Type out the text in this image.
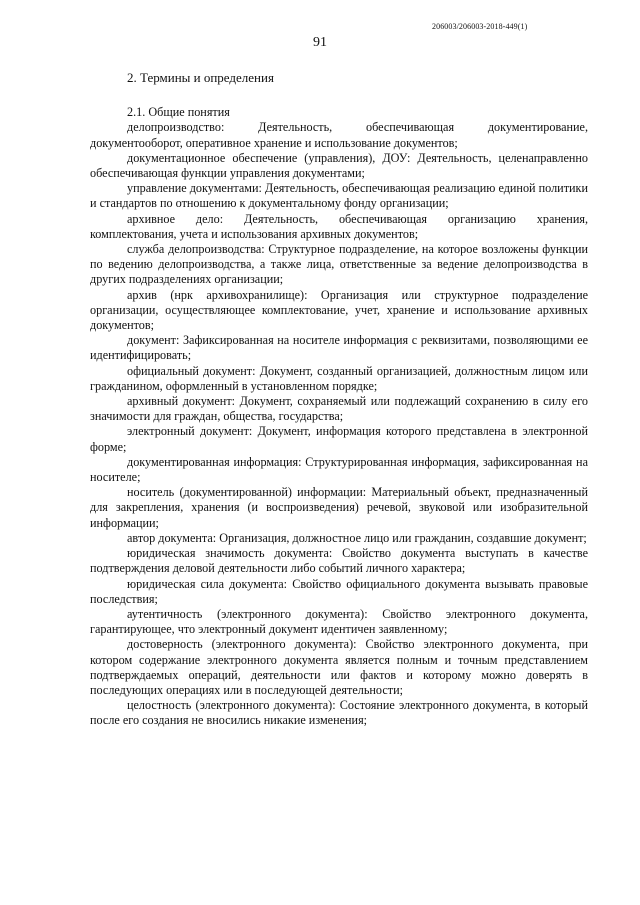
206003/206003-2018-449(1)
91

2. Термины и определения

2.1. Общие понятия

делопроизводство: Деятельность, обеспечивающая документирование, документооборот, оперативное хранение и использование документов;

документационное обеспечение (управления), ДОУ: Деятельность, целенаправленно обеспечивающая функции управления документами;

управление документами: Деятельность, обеспечивающая реализацию единой политики и стандартов по отношению к документальному фонду организации;

архивное дело: Деятельность, обеспечивающая организацию хранения, комплектования, учета и использования архивных документов;

служба делопроизводства: Структурное подразделение, на которое возложены функции по ведению делопроизводства, а также лица, ответственные за ведение делопроизводства в других подразделениях организации;

архив (нрк архивохранилище): Организация или структурное подразделение организации, осуществляющее комплектование, учет, хранение и использование архивных документов;

документ: Зафиксированная на носителе информация с реквизитами, позволяющими ее идентифицировать;

официальный документ: Документ, созданный организацией, должностным лицом или гражданином, оформленный в установленном порядке;

архивный документ: Документ, сохраняемый или подлежащий сохранению в силу его значимости для граждан, общества, государства;

электронный документ: Документ, информация которого представлена в электронной форме;

документированная информация: Структурированная информация, зафиксированная на носителе;

носитель (документированной) информации: Материальный объект, предназначенный для закрепления, хранения (и воспроизведения) речевой, звуковой или изобразительной информации;

автор документа: Организация, должностное лицо или гражданин, создавшие документ;

юридическая значимость документа: Свойство документа выступать в качестве подтверждения деловой деятельности либо событий личного характера;

юридическая сила документа: Свойство официального документа вызывать правовые последствия;

аутентичность (электронного документа): Свойство электронного документа, гарантирующее, что электронный документ идентичен заявленному;

достоверность (электронного документа): Свойство электронного документа, при котором содержание электронного документа является полным и точным представлением подтверждаемых операций, деятельности или фактов и которому можно доверять в последующих операциях или в последующей деятельности;

целостность (электронного документа): Состояние электронного документа, в который после его создания не вносились никакие изменения;
